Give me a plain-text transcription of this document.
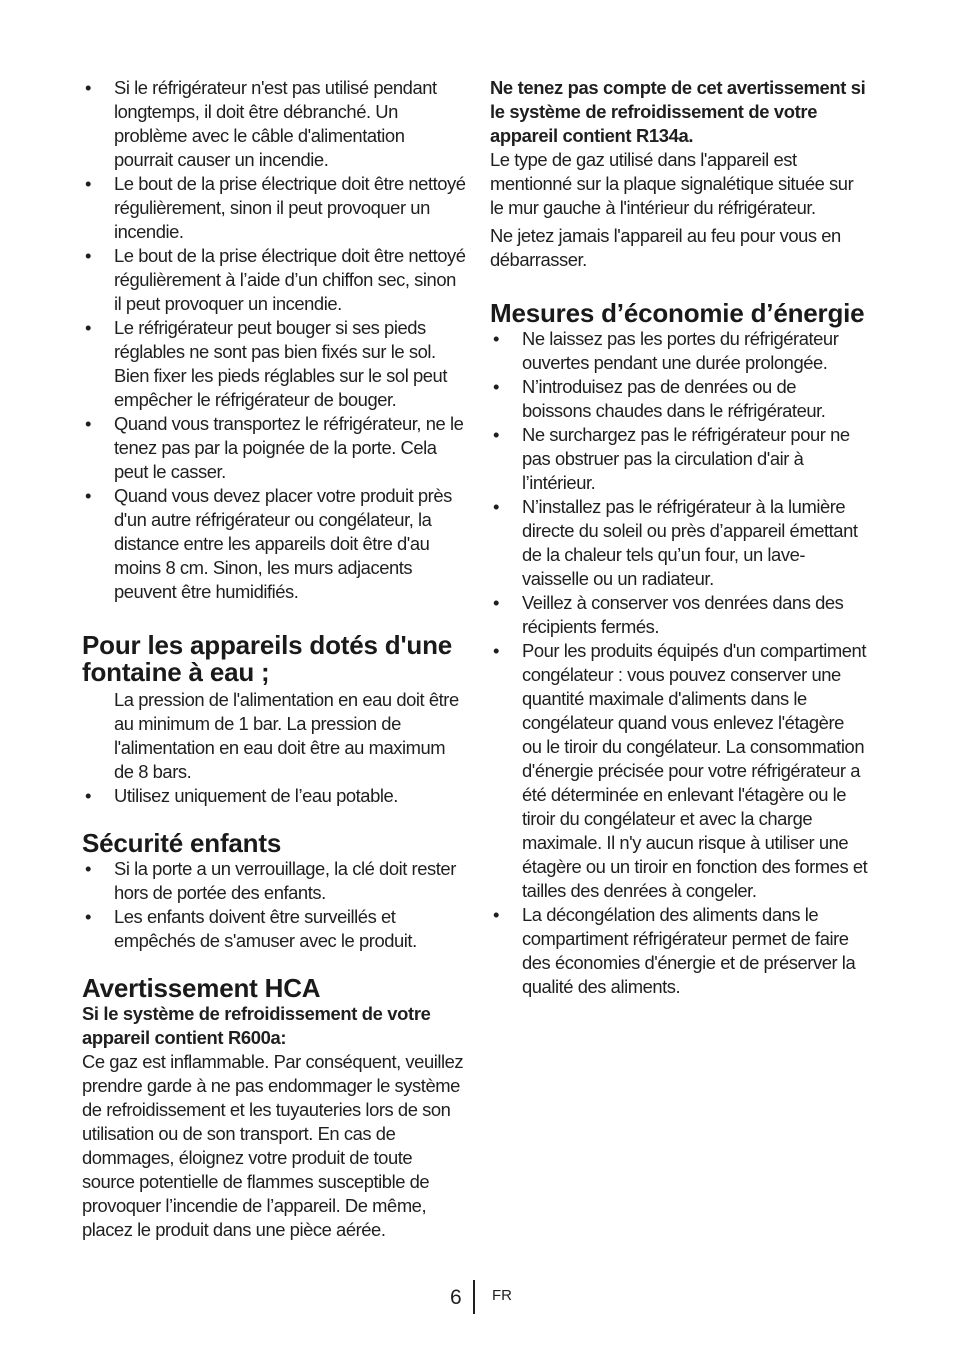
• Si le réfrigérateur n'est pas utilisé pendant longtemps, il doit être débranché. Un problème avec le câble d'alimentation pourrait causer un incendie.
• Le bout de la prise électrique doit être nettoyé régulièrement, sinon il peut provoquer un incendie.
• Le bout de la prise électrique doit être nettoyé régulièrement à l’aide d’un chiffon sec, sinon il peut provoquer un incendie.
• Le réfrigérateur peut bouger si ses pieds réglables ne sont pas bien fixés sur le sol. Bien fixer les pieds réglables sur le sol peut empêcher le réfrigérateur de bouger.
• Quand vous transportez le réfrigérateur, ne le tenez pas par la poignée de la porte. Cela peut le casser.
• Quand vous devez placer votre produit près d'un autre réfrigérateur ou congélateur, la distance entre les appareils doit être d'au moins 8 cm. Sinon, les murs adjacents peuvent être humidifiés.
Pour les appareils dotés d'une fontaine à eau ;
La pression de l'alimentation en eau doit être au minimum de 1 bar. La pression de l'alimentation en eau doit être au maximum de 8 bars.
• Utilisez uniquement de l’eau potable.
Sécurité enfants
• Si la porte a un verrouillage, la clé doit rester hors de portée des enfants.
• Les enfants doivent être surveillés et empêchés de s'amuser avec le produit.
Avertissement HCA
Si le système de refroidissement de votre appareil contient R600a:

Ce gaz est inflammable. Par conséquent, veuillez prendre garde à ne pas endommager le système de refroidissement et les tuyauteries lors de son utilisation ou de son transport. En cas de dommages, éloignez votre produit de toute source potentielle de flammes susceptible de provoquer l’incendie de l’appareil. De même, placez le produit dans une pièce aérée.

Ne tenez pas compte de cet avertissement si le système de refroidissement de votre appareil contient R134a.

Le type de gaz utilisé dans l'appareil est mentionné sur la plaque signalétique située sur le mur gauche à l'intérieur du réfrigérateur.

Ne jetez jamais l'appareil au feu pour vous en débarrasser.

Mesures d’économie d’énergie
• Ne laissez pas les portes du réfrigérateur ouvertes pendant une durée prolongée.
• N’introduisez pas de denrées ou de boissons chaudes dans le réfrigérateur.
• Ne surchargez pas le réfrigérateur pour ne pas obstruer pas la circulation d'air à l’intérieur.
• N’installez pas le réfrigérateur à la lumière directe du soleil ou près d’appareil émettant de la chaleur tels qu’un four, un lave-vaisselle ou un radiateur.
• Veillez à conserver vos denrées dans des récipients fermés.
• Pour les produits équipés d'un compartiment congélateur : vous pouvez conserver une quantité maximale d'aliments dans le congélateur quand vous enlevez l'étagère ou le tiroir du congélateur. La consommation d'énergie précisée pour votre réfrigérateur a été déterminée en enlevant l'étagère ou le tiroir du congélateur et avec la charge maximale. Il n'y aucun risque à utiliser une étagère ou un tiroir en fonction des formes et tailles des denrées à congeler.
• La décongélation des aliments dans le compartiment réfrigérateur permet de faire des économies d'énergie et de préserver la qualité des aliments.
6 FR
